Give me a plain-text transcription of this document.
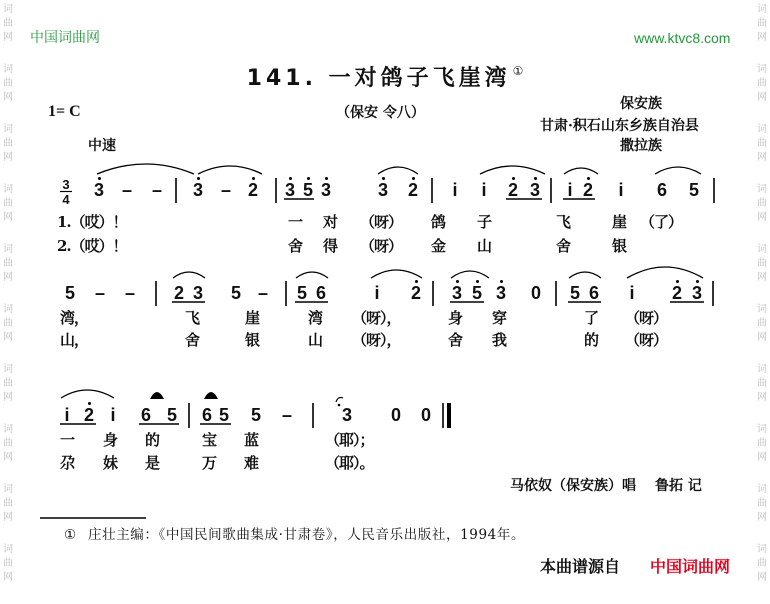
中国词曲网	www.ktvc8.com
141. 一对鸽子飞崖湾 ①
1= C	（保安 令八）
保安族
甘肃·积石山东乡族自治县
撒拉族
中速
3
4 3 – – 3 – 2 3 5 3	3 2 i i 2 3 i 2 i 6 5
1.（哎）！	一 对 （呀） 鸽 子	飞	崖 （了）
2.（哎）！	舍 得 （呀） 金 山	舍	银
5 – – 2 3 5 – 5 6	i 2 3 5 3 0 5 6 i 2 3
湾，	飞	崖	湾 （呀），	身 穿	了 （呀）
山，	舍	银	山 （呀），	舍 我	的 （呀）
i 2 i 6 5 6 5 5 –	3 0 0
一 身 的	宝 蓝	（耶）；
尕 妹 是	万 难	（耶）。
马依奴（保安族）唱 鲁拓 记
① 庄壮主编：《中国民间歌曲集成·甘肃卷》，人民音乐出版社，1994年。
本曲谱源自 中国词曲网
词曲网
词曲网
词曲网
词曲网
词曲网
词曲网
词曲网
词曲网
词曲网
词曲网
词曲网
词曲网
词曲网
词曲网
词曲网
词曲网
词曲网
词曲网
词曲网
词曲网
